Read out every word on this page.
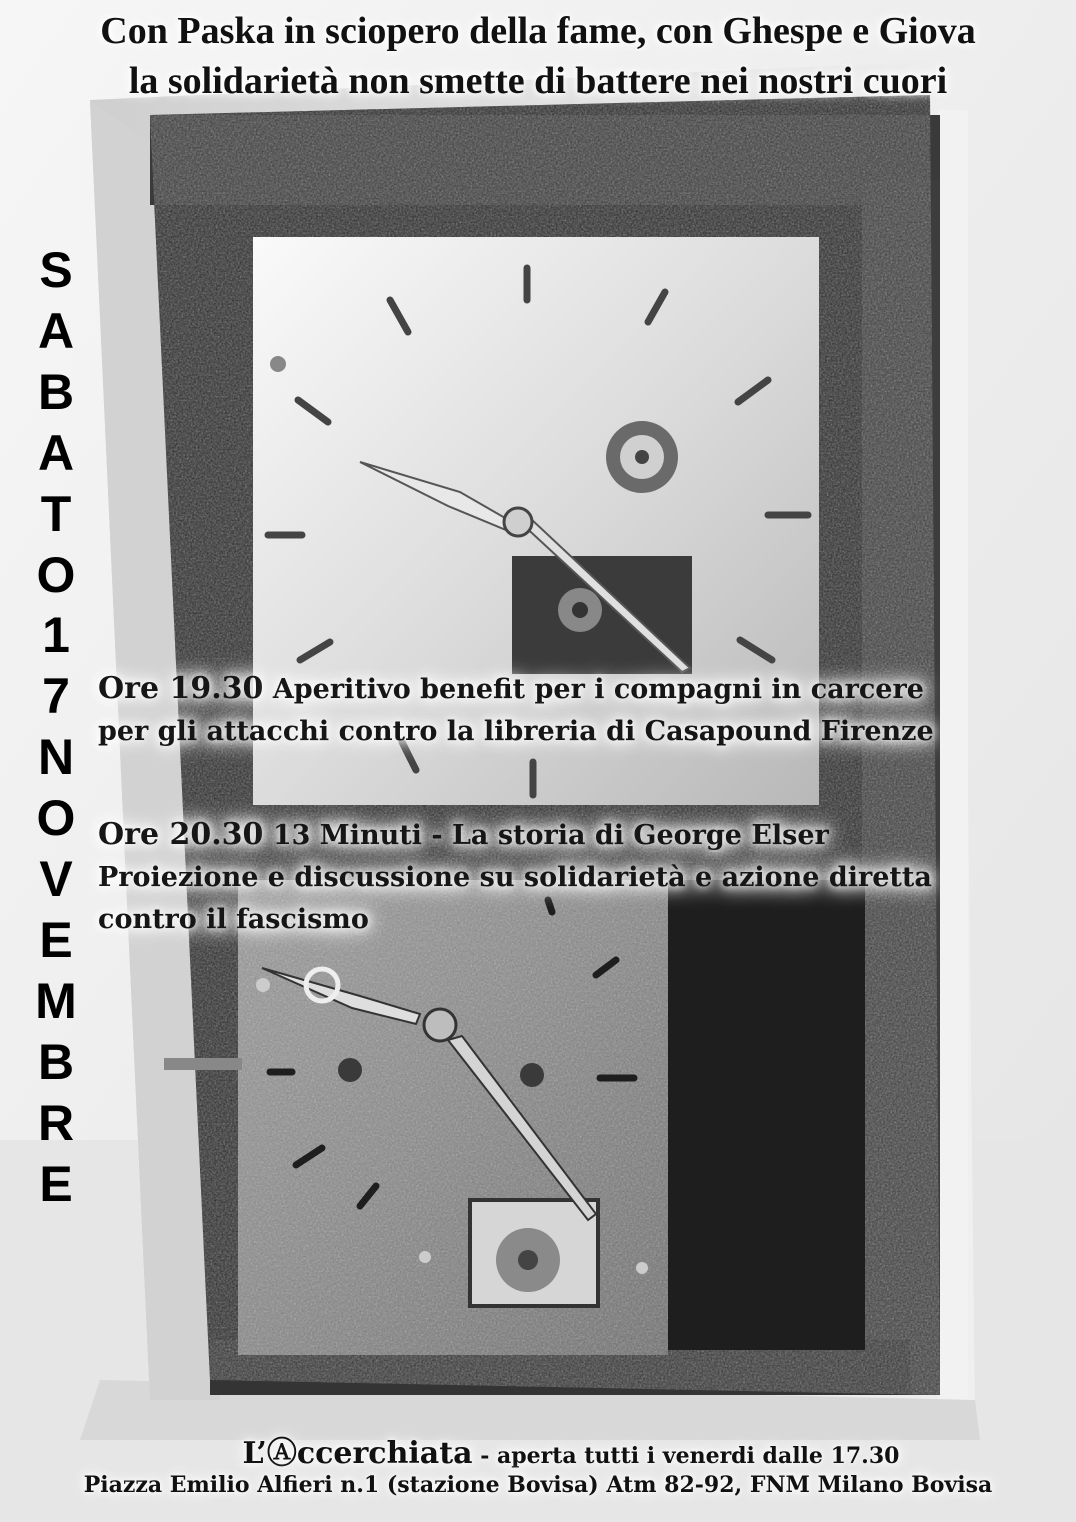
Con Paska in sciopero della fame, con Ghespe e Giova
la solidarietà non smette di battere nei nostri cuori
S
A
B
A
T
O
1
7
N
O
V
E
M
B
R
E
Ore 19.30 Aperitivo benefit per i compagni in carcere
per gli attacchi contro la libreria di Casapound Firenze
Ore 20.30 13 Minuti - La storia di George Elser
Proiezione e discussione su solidarietà e azione diretta
contro il fascismo
L’Ⓐccerchiata - aperta tutti i venerdi dalle 17.30
Piazza Emilio Alfieri n.1 (stazione Bovisa) Atm 82-92, FNM Milano Bovisa
